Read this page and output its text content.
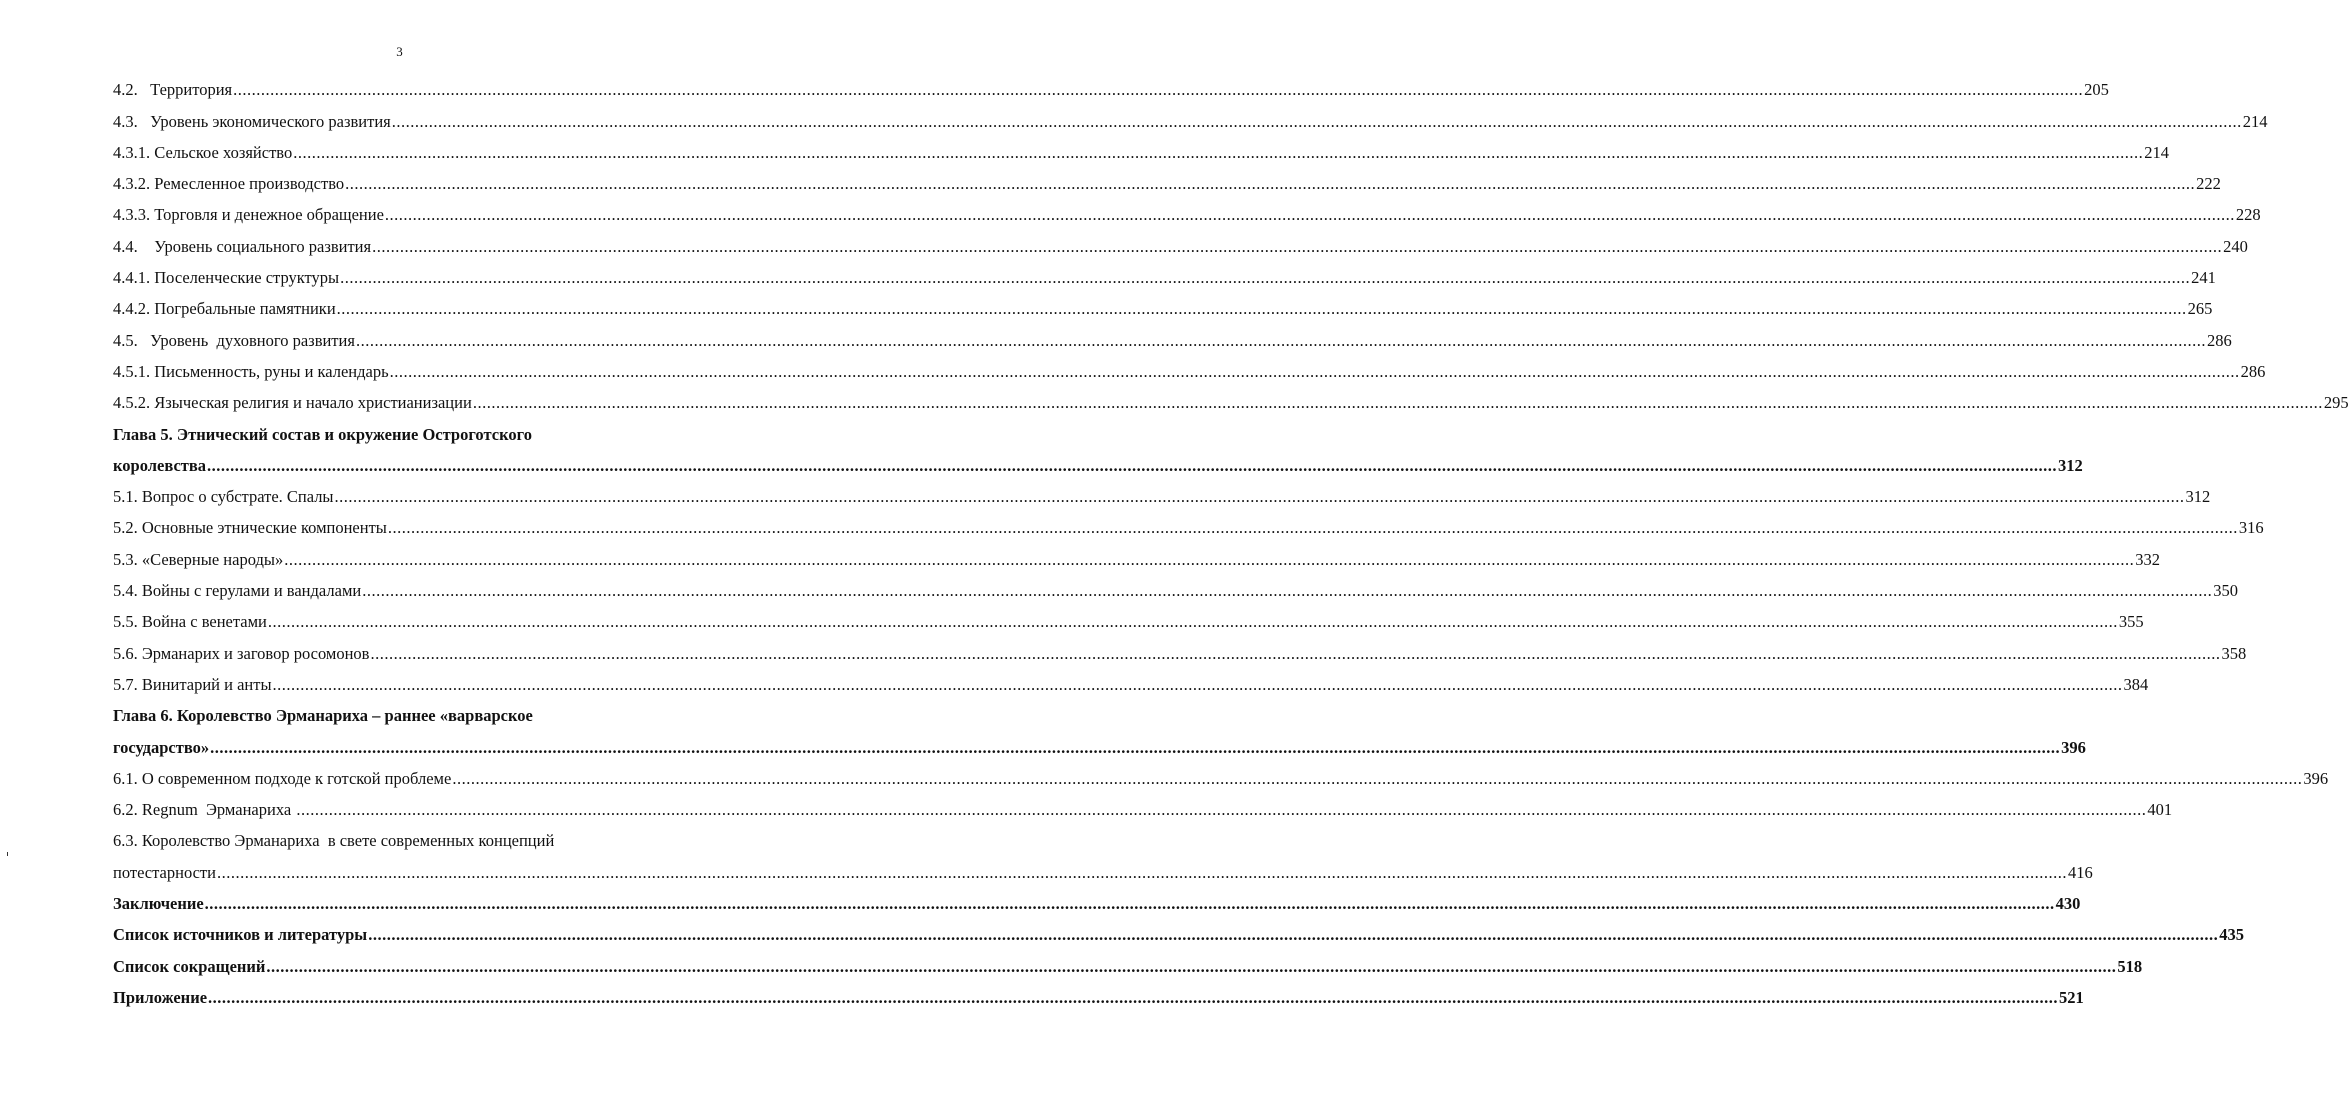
3
4.2.   Территория ................................................................................................................................................................................................................................................................................................................................................................................................................ 205
4.3.   Уровень экономического развития ................................................................................................................................................................................................................................................................................................................................................................................................................ 214
4.3.1. Сельское хозяйство ................................................................................................................................................................................................................................................................................................................................................................................................................ 214
4.3.2. Ремесленное производство ................................................................................................................................................................................................................................................................................................................................................................................................................ 222
4.3.3. Торговля и денежное обращение ................................................................................................................................................................................................................................................................................................................................................................................................................ 228
4.4.    Уровень социального развития ................................................................................................................................................................................................................................................................................................................................................................................................................ 240
4.4.1. Поселенческие структуры ................................................................................................................................................................................................................................................................................................................................................................................................................ 241
4.4.2. Погребальные памятники ................................................................................................................................................................................................................................................................................................................................................................................................................ 265
4.5.   Уровень  духовного развития ................................................................................................................................................................................................................................................................................................................................................................................................................ 286
4.5.1. Письменность, руны и календарь ................................................................................................................................................................................................................................................................................................................................................................................................................ 286
4.5.2. Языческая религия и начало христианизации ................................................................................................................................................................................................................................................................................................................................................................................................................ 295
Глава 5. Этнический состав и окружение Остроготского
королевства ................................................................................................................................................................................................................................................................................................................................................................................................................ 312
5.1. Вопрос о субстрате. Спалы ................................................................................................................................................................................................................................................................................................................................................................................................................ 312
5.2. Основные этнические компоненты ................................................................................................................................................................................................................................................................................................................................................................................................................ 316
5.3. «Северные народы» ................................................................................................................................................................................................................................................................................................................................................................................................................ 332
5.4. Войны с герулами и вандалами ................................................................................................................................................................................................................................................................................................................................................................................................................ 350
5.5. Война с венетами ................................................................................................................................................................................................................................................................................................................................................................................................................ 355
5.6. Эрманарих и заговор росомонов ................................................................................................................................................................................................................................................................................................................................................................................................................ 358
5.7. Винитарий и анты ................................................................................................................................................................................................................................................................................................................................................................................................................ 384
Глава 6. Королевство Эрманариха – раннее «варварское
государство» ................................................................................................................................................................................................................................................................................................................................................................................................................ 396
6.1. О современном подходе к готской проблеме ................................................................................................................................................................................................................................................................................................................................................................................................................ 396
6.2. Regnum  Эрманариха ................................................................................................................................................................................................................................................................................................................................................................................................................ 401
6.3. Королевство Эрманариха  в свете современных концепций
потестарности ................................................................................................................................................................................................................................................................................................................................................................................................................ 416
Заключение ................................................................................................................................................................................................................................................................................................................................................................................................................ 430
Список источников и литературы ................................................................................................................................................................................................................................................................................................................................................................................................................ 435
Список сокращений ................................................................................................................................................................................................................................................................................................................................................................................................................ 518
Приложение ................................................................................................................................................................................................................................................................................................................................................................................................................ 521
